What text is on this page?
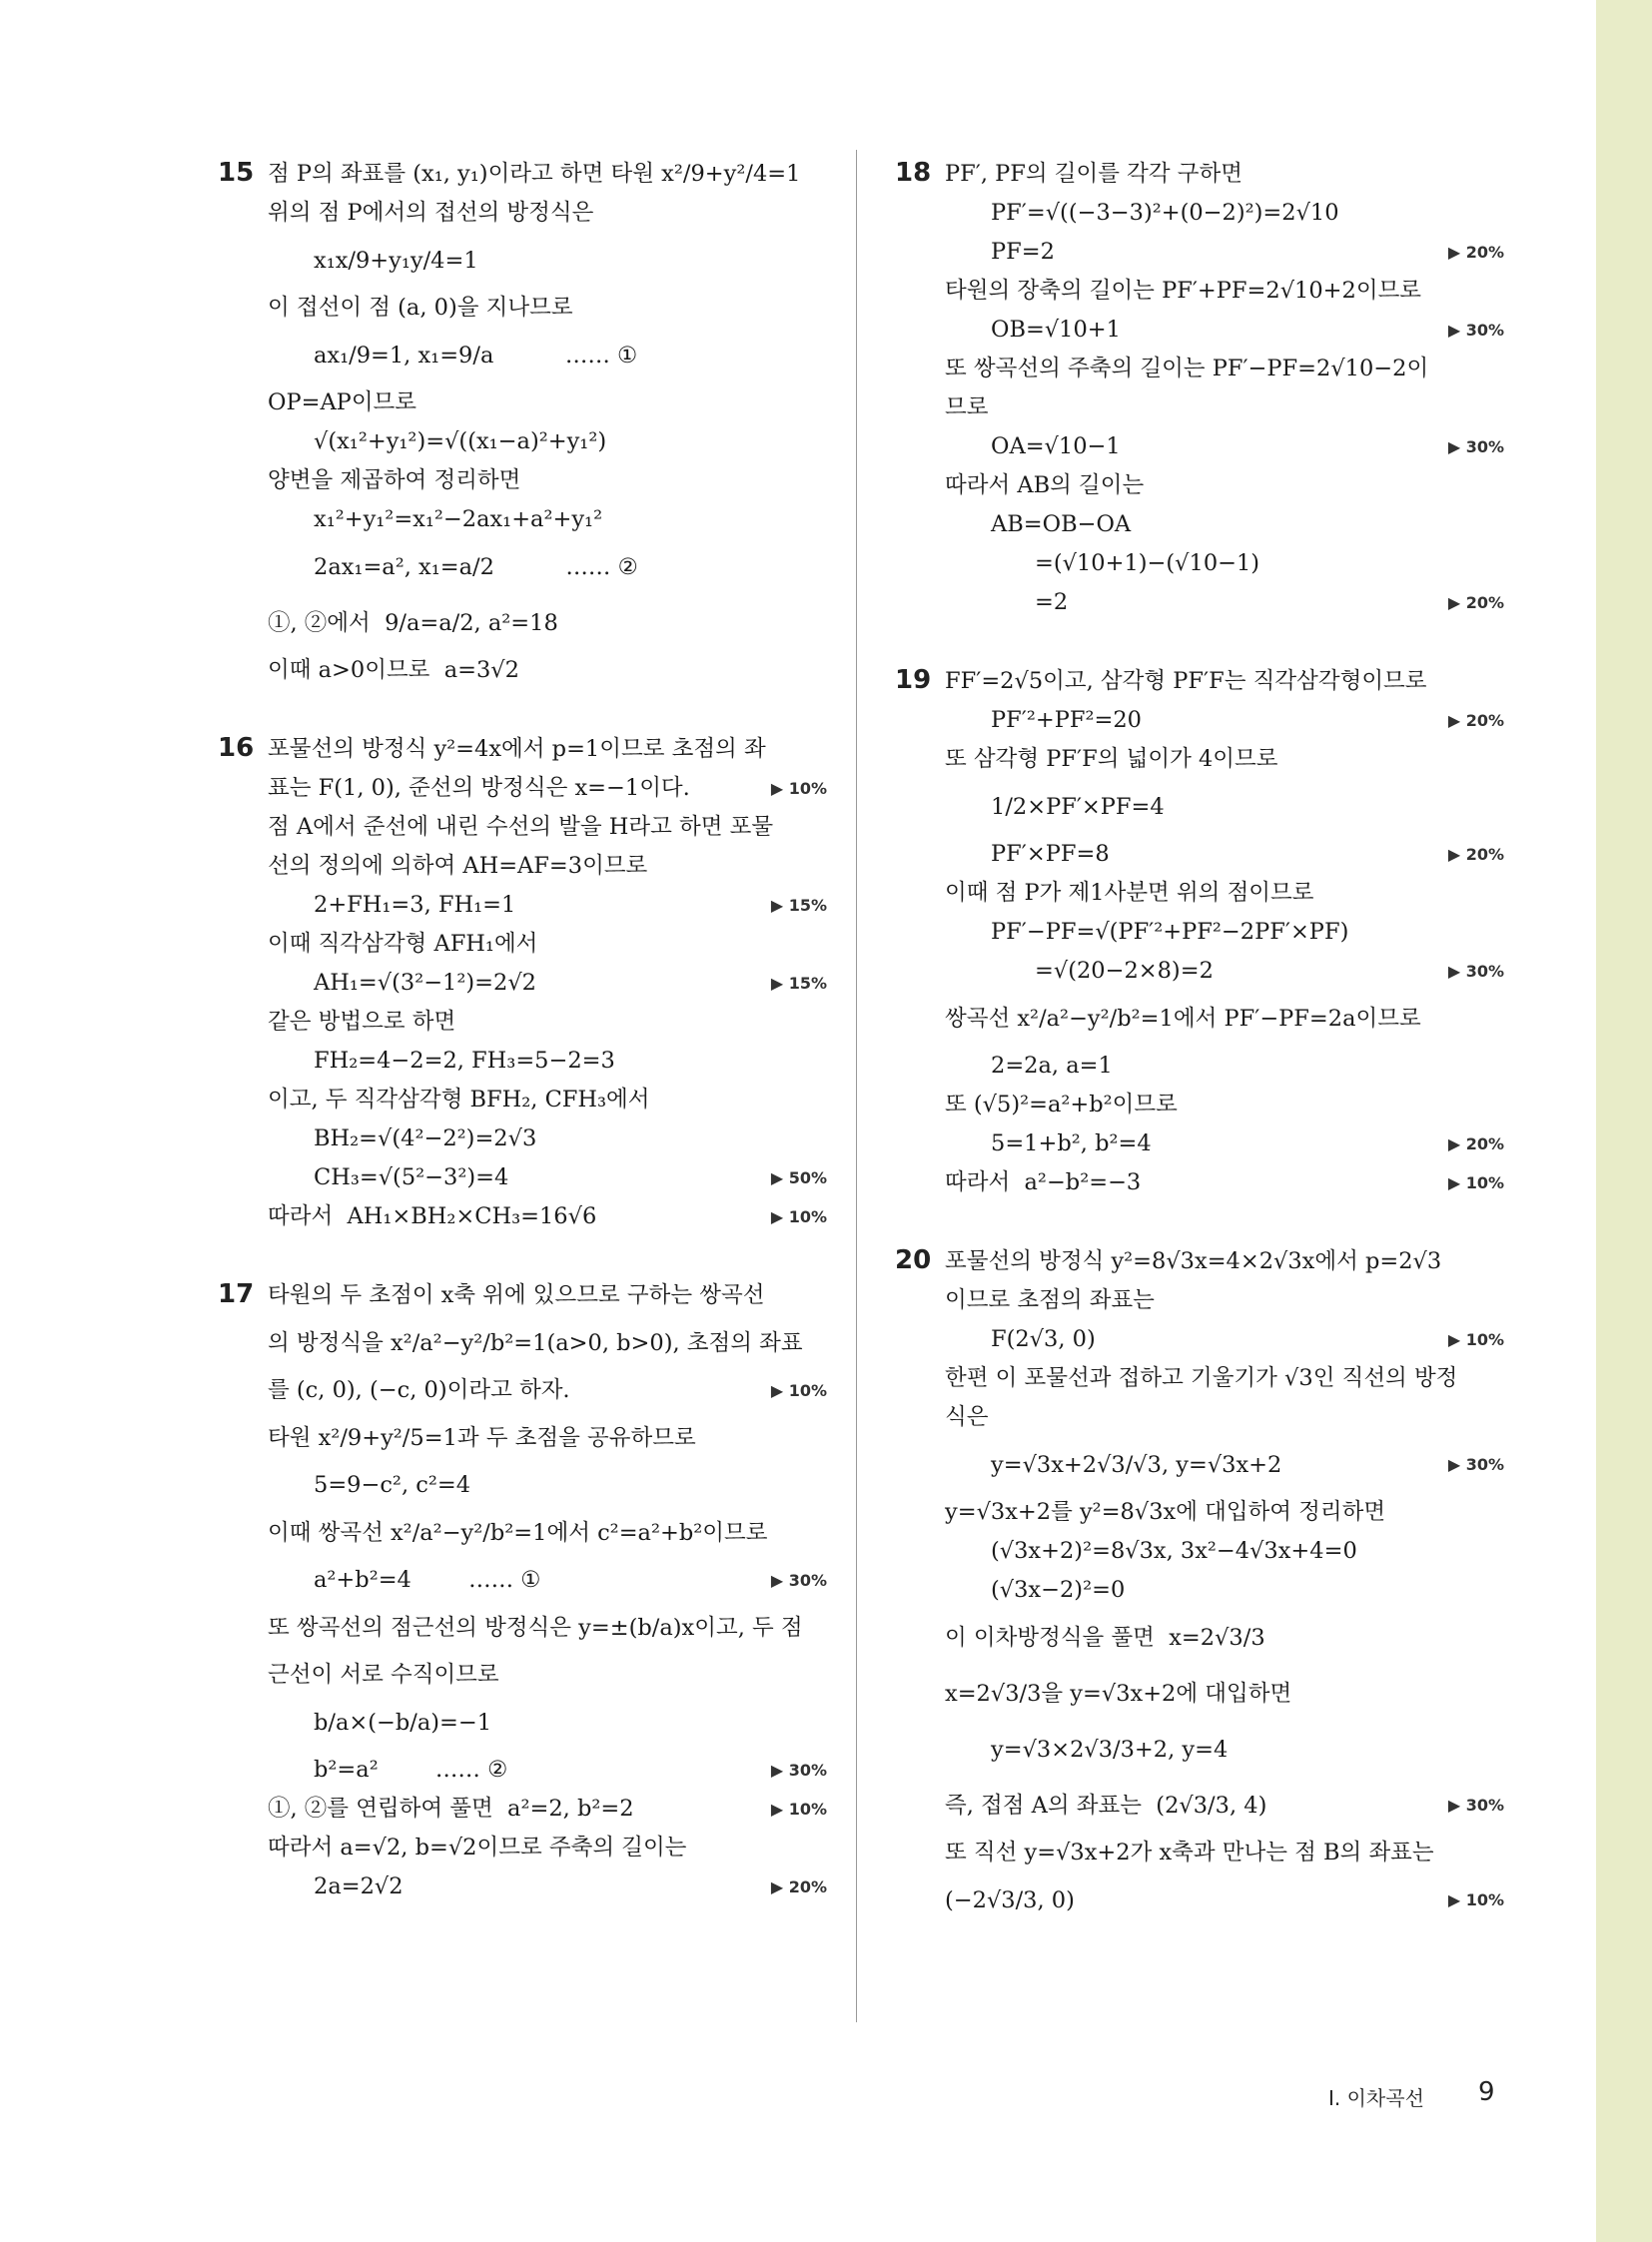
15 점 P의 좌표를 (x₁, y₁)이라고 하면 타원 x²/9+y²/4=1
위의 점 P에서의 접선의 방정식은
x₁x/9+y₁y/4=1
이 접선이 점 (a, 0)을 지나므로
ax₁/9=1, x₁=9/a          …… ①
OP=AP이므로
√(x₁²+y₁²)=√((x₁−a)²+y₁²)
양변을 제곱하여 정리하면
x₁²+y₁²=x₁²−2ax₁+a²+y₁²
2ax₁=a², x₁=a/2          …… ②
①, ②에서  9/a=a/2, a²=18
이때 a>0이므로  a=3√2
16 포물선의 방정식 y²=4x에서 p=1이므로 초점의 좌
표는 F(1, 0), 준선의 방정식은 x=−1이다.	▶ 10%
점 A에서 준선에 내린 수선의 발을 H라고 하면 포물
선의 정의에 의하여 AH=AF=3이므로
2+FH₁=3, FH₁=1	▶ 15%
이때 직각삼각형 AFH₁에서
AH₁=√(3²−1²)=2√2	▶ 15%
같은 방법으로 하면
FH₂=4−2=2, FH₃=5−2=3
이고, 두 직각삼각형 BFH₂, CFH₃에서
BH₂=√(4²−2²)=2√3
CH₃=√(5²−3²)=4	▶ 50%
따라서  AH₁×BH₂×CH₃=16√6	▶ 10%
17 타원의 두 초점이 x축 위에 있으므로 구하는 쌍곡선
의 방정식을 x²/a²−y²/b²=1(a>0, b>0), 초점의 좌표
를 (c, 0), (−c, 0)이라고 하자.	▶ 10%
타원 x²/9+y²/5=1과 두 초점을 공유하므로
5=9−c², c²=4
이때 쌍곡선 x²/a²−y²/b²=1에서 c²=a²+b²이므로
a²+b²=4        …… ①	▶ 30%
또 쌍곡선의 점근선의 방정식은 y=±(b/a)x이고, 두 점
근선이 서로 수직이므로
b/a×(−b/a)=−1
b²=a²        …… ②	▶ 30%
①, ②를 연립하여 풀면  a²=2, b²=2	▶ 10%
따라서 a=√2, b=√2이므로 주축의 길이는
2a=2√2	▶ 20%
18 PF′, PF의 길이를 각각 구하면
PF′=√((−3−3)²+(0−2)²)=2√10
PF=2	▶ 20%
타원의 장축의 길이는 PF′+PF=2√10+2이므로
OB=√10+1	▶ 30%
또 쌍곡선의 주축의 길이는 PF′−PF=2√10−2이
므로
OA=√10−1	▶ 30%
따라서 AB의 길이는
AB=OB−OA
=(√10+1)−(√10−1)
=2	▶ 20%
19 FF′=2√5이고, 삼각형 PF′F는 직각삼각형이므로
PF′²+PF²=20	▶ 20%
또 삼각형 PF′F의 넓이가 4이므로
1/2×PF′×PF=4
PF′×PF=8	▶ 20%
이때 점 P가 제1사분면 위의 점이므로
PF′−PF=√(PF′²+PF²−2PF′×PF)
=√(20−2×8)=2	▶ 30%
쌍곡선 x²/a²−y²/b²=1에서 PF′−PF=2a이므로
2=2a, a=1
또 (√5)²=a²+b²이므로
5=1+b², b²=4	▶ 20%
따라서  a²−b²=−3	▶ 10%
20 포물선의 방정식 y²=8√3x=4×2√3x에서 p=2√3
이므로 초점의 좌표는
F(2√3, 0)	▶ 10%
한편 이 포물선과 접하고 기울기가 √3인 직선의 방정
식은
y=√3x+2√3/√3, y=√3x+2	▶ 30%
y=√3x+2를 y²=8√3x에 대입하여 정리하면
(√3x+2)²=8√3x, 3x²−4√3x+4=0
(√3x−2)²=0
이 이차방정식을 풀면  x=2√3/3
x=2√3/3을 y=√3x+2에 대입하면
y=√3×2√3/3+2, y=4
즉, 접점 A의 좌표는  (2√3/3, 4)	▶ 30%
또 직선 y=√3x+2가 x축과 만나는 점 B의 좌표는
(−2√3/3, 0)	▶ 10%
Ⅰ. 이차곡선 9
